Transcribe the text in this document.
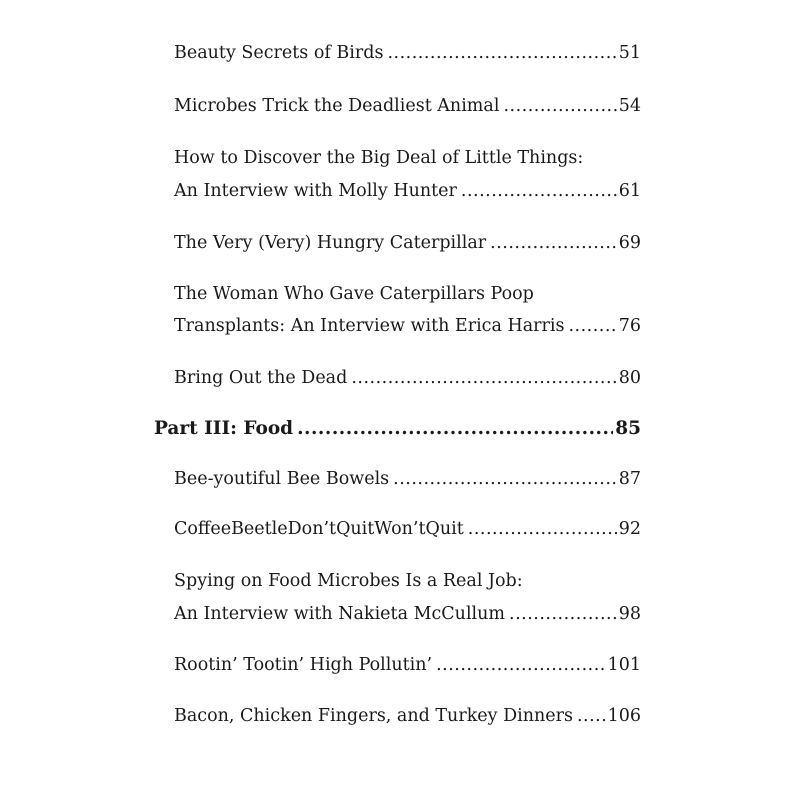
Beauty Secrets of Birds .....	51
Microbes Trick the Deadliest Animal .....	54
How to Discover the Big Deal of Little Things:
An Interview with Molly Hunter .....	61
The Very (Very) Hungry Caterpillar .....	69
The Woman Who Gave Caterpillars Poop
Transplants: An Interview with Erica Harris .....	76
Bring Out the Dead .....	80
Part III: Food .....	85
Bee-youtiful Bee Bowels .....	87
CoffeeBeetleDon’tQuitWon’tQuit .....	92
Spying on Food Microbes Is a Real Job:
An Interview with Nakieta McCullum .....	98
Rootin’ Tootin’ High Pollutin’ .....	101
Bacon, Chicken Fingers, and Turkey Dinners ..... 106
